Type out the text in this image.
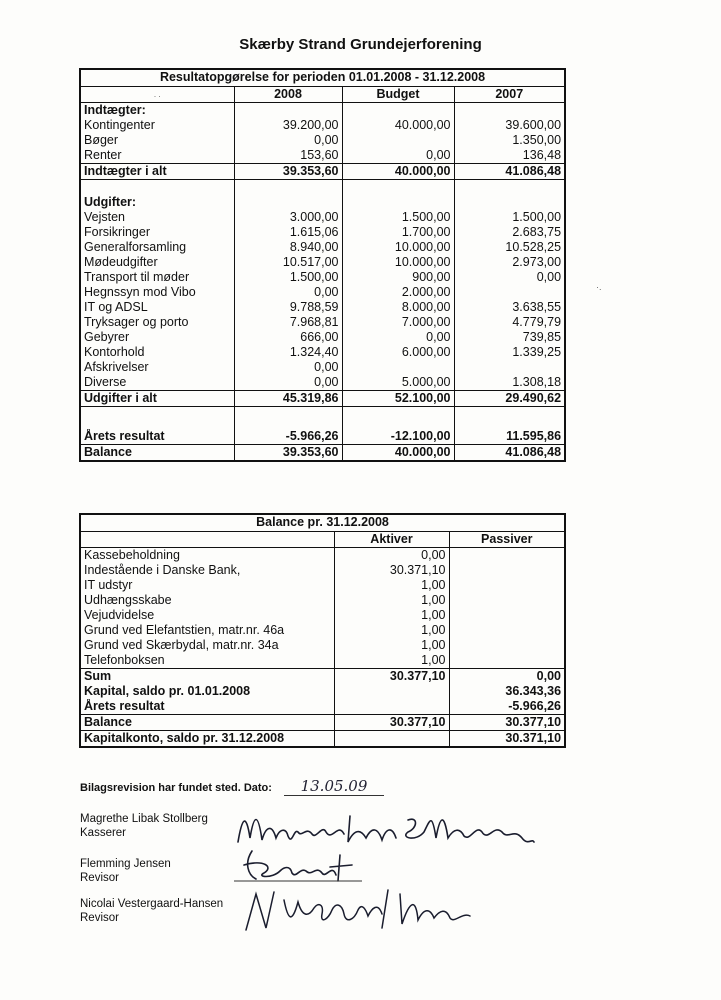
Skærby Strand Grundejerforening
Resultatopgørelse for perioden 01.01.2008 - 31.12.2008			
. .	2008	Budget	2007
Indtægter:			
Kontingenter	39.200,00	40.000,00	39.600,00
Bøger	0,00		1.350,00
Renter	153,60	0,00	136,48
Indtægter i alt	39.353,60	40.000,00	41.086,48

Udgifter:			
Vejsten	3.000,00	1.500,00	1.500,00
Forsikringer	1.615,06	1.700,00	2.683,75
Generalforsamling	8.940,00	10.000,00	10.528,25
Mødeudgifter	10.517,00	10.000,00	2.973,00
Transport til møder	1.500,00	900,00	0,00
Hegnssyn mod Vibo	0,00	2.000,00	
IT og ADSL	9.788,59	8.000,00	3.638,55
Tryksager og porto	7.968,81	7.000,00	4.779,79
Gebyrer	666,00	0,00	739,85
Kontorhold	1.324,40	6.000,00	1.339,25
Afskrivelser	0,00		
Diverse	0,00	5.000,00	1.308,18
Udgifter i alt	45.319,86	52.100,00	29.490,62

Årets resultat	-5.966,26	-12.100,00	11.595,86
Balance	39.353,60	40.000,00	41.086,48
Balance pr. 31.12.2008		
	Aktiver	Passiver
Kassebeholdning	0,00	
Indestående i Danske Bank,	30.371,10	
IT udstyr	1,00	
Udhængsskabe	1,00	
Vejudvidelse	1,00	
Grund ved Elefantstien, matr.nr. 46a	1,00	
Grund ved Skærbydal, matr.nr. 34a	1,00	
Telefonboksen	1,00	
Sum	30.377,10	0,00
Kapital, saldo pr. 01.01.2008		36.343,36
Årets resultat		-5.966,26
Balance	30.377,10	30.377,10
Kapitalkonto, saldo pr. 31.12.2008		30.371,10
Bilagsrevision har fundet sted. Dato:	13.05.09
Magrethe Libak Stollberg
Kasserer
Flemming Jensen
Revisor
Nicolai Vestergaard-Hansen
Revisor
·.
